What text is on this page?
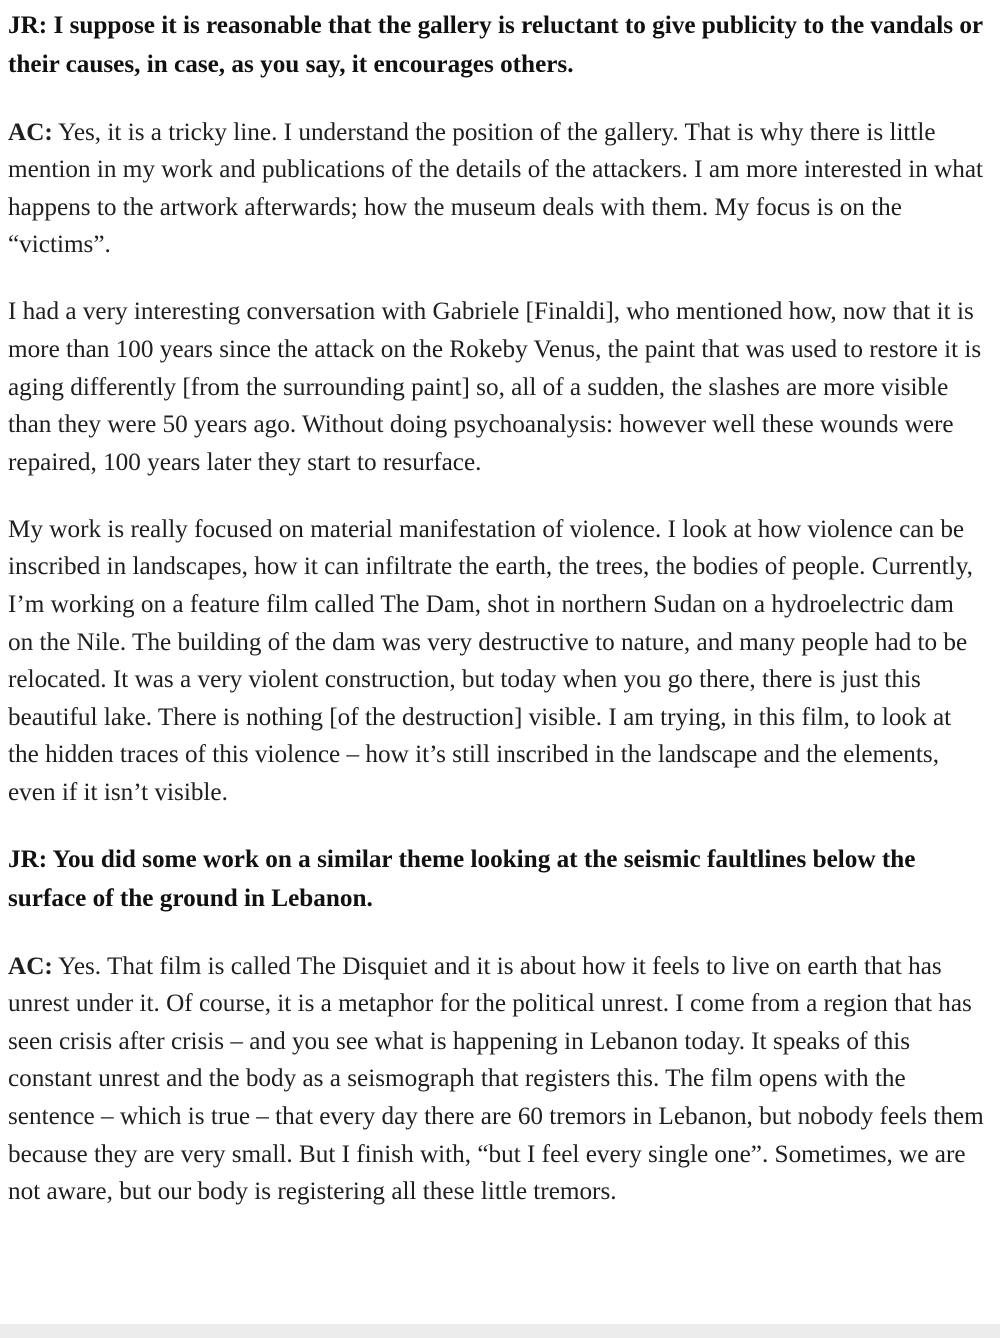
JR: I suppose it is reasonable that the gallery is reluctant to give publicity to the vandals or their causes, in case, as you say, it encourages others.

AC: Yes, it is a tricky line. I understand the position of the gallery. That is why there is little mention in my work and publications of the details of the attackers. I am more interested in what happens to the artwork afterwards; how the museum deals with them. My focus is on the “victims”.

I had a very interesting conversation with Gabriele [Finaldi], who mentioned how, now that it is more than 100 years since the attack on the Rokeby Venus, the paint that was used to restore it is aging differently [from the surrounding paint] so, all of a sudden, the slashes are more visible than they were 50 years ago. Without doing psychoanalysis: however well these wounds were repaired, 100 years later they start to resurface.

My work is really focused on material manifestation of violence. I look at how violence can be inscribed in landscapes, how it can infiltrate the earth, the trees, the bodies of people. Currently, I’m working on a feature film called The Dam, shot in northern Sudan on a hydroelectric dam on the Nile. The building of the dam was very destructive to nature, and many people had to be relocated. It was a very violent construction, but today when you go there, there is just this beautiful lake. There is nothing [of the destruction] visible. I am trying, in this film, to look at the hidden traces of this violence – how it’s still inscribed in the landscape and the elements, even if it isn’t visible.

JR: You did some work on a similar theme looking at the seismic faultlines below the surface of the ground in Lebanon.

AC: Yes. That film is called The Disquiet and it is about how it feels to live on earth that has unrest under it. Of course, it is a metaphor for the political unrest. I come from a region that has seen crisis after crisis – and you see what is happening in Lebanon today. It speaks of this constant unrest and the body as a seismograph that registers this. The film opens with the sentence – which is true – that every day there are 60 tremors in Lebanon, but nobody feels them because they are very small. But I finish with, “but I feel every single one”. Sometimes, we are not aware, but our body is registering all these little tremors.
